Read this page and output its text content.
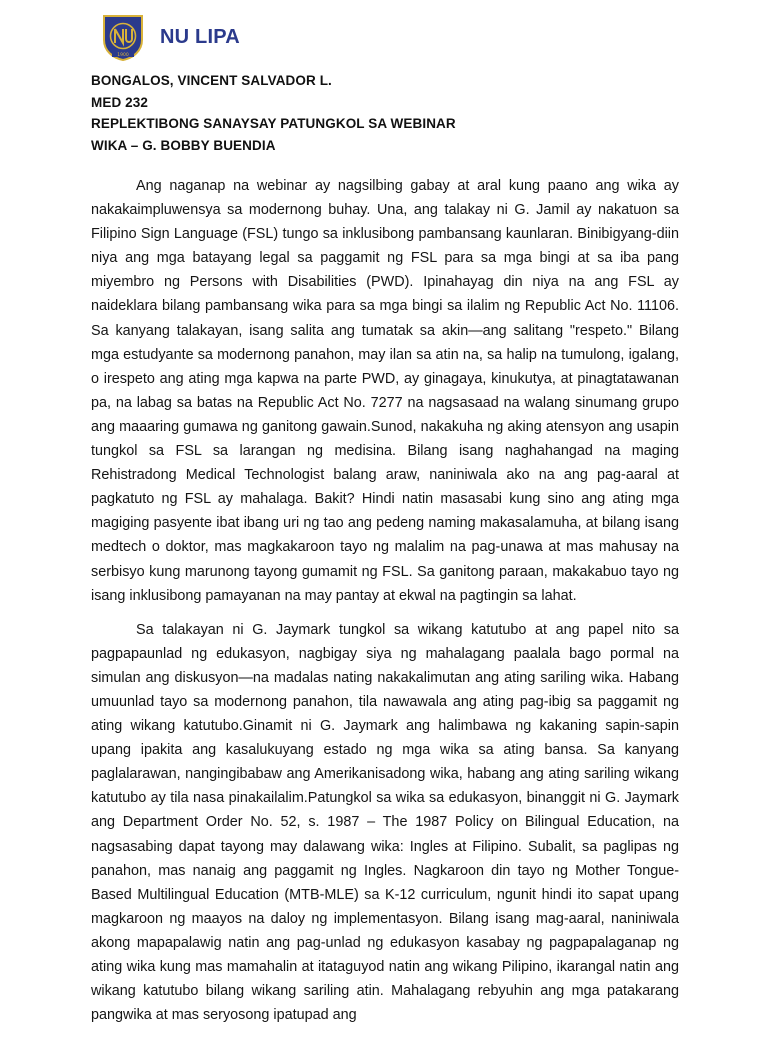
1900
NU LIPA
BONGALOS, VINCENT SALVADOR L.
MED 232
REPLEKTIBONG SANAYSAY PATUNGKOL SA WEBINAR
WIKA – G. BOBBY BUENDIA

Ang naganap na webinar ay nagsilbing gabay at aral kung paano ang wika ay nakakaimpluwensya sa modernong buhay. Una, ang talakay ni G. Jamil ay nakatuon sa Filipino Sign Language (FSL) tungo sa inklusibong pambansang kaunlaran. Binibigyang-diin niya ang mga batayang legal sa paggamit ng FSL para sa mga bingi at sa iba pang miyembro ng Persons with Disabilities (PWD). Ipinahayag din niya na ang FSL ay naideklara bilang pambansang wika para sa mga bingi sa ilalim ng Republic Act No. 11106. Sa kanyang talakayan, isang salita ang tumatak sa akin—ang salitang "respeto." Bilang mga estudyante sa modernong panahon, may ilan sa atin na, sa halip na tumulong, igalang, o irespeto ang ating mga kapwa na parte PWD, ay ginagaya, kinukutya, at pinagtatawanan pa, na labag sa batas na Republic Act No. 7277 na nagsasaad na walang sinumang grupo ang maaaring gumawa ng ganitong gawain.Sunod, nakakuha ng aking atensyon ang usapin tungkol sa FSL sa larangan ng medisina. Bilang isang naghahangad na maging Rehistradong Medical Technologist balang araw, naniniwala ako na ang pag-aaral at pagkatuto ng FSL ay mahalaga. Bakit? Hindi natin masasabi kung sino ang ating mga magiging pasyente ibat ibang uri ng tao ang pedeng naming makasalamuha, at bilang isang medtech o doktor, mas magkakaroon tayo ng malalim na pag-unawa at mas mahusay na serbisyo kung marunong tayong gumamit ng FSL. Sa ganitong paraan, makakabuo tayo ng isang inklusibong pamayanan na may pantay at ekwal na pagtingin sa lahat.

Sa talakayan ni G. Jaymark tungkol sa wikang katutubo at ang papel nito sa pagpapaunlad ng edukasyon, nagbigay siya ng mahalagang paalala bago pormal na simulan ang diskusyon—na madalas nating nakakalimutan ang ating sariling wika. Habang umuunlad tayo sa modernong panahon, tila nawawala ang ating pag-ibig sa paggamit ng ating wikang katutubo.Ginamit ni G. Jaymark ang halimbawa ng kakaning sapin-sapin upang ipakita ang kasalukuyang estado ng mga wika sa ating bansa. Sa kanyang paglalarawan, nangingibabaw ang Amerikanisadong wika, habang ang ating sariling wikang katutubo ay tila nasa pinakailalim.Patungkol sa wika sa edukasyon, binanggit ni G. Jaymark ang Department Order No. 52, s. 1987 – The 1987 Policy on Bilingual Education, na nagsasabing dapat tayong may dalawang wika: Ingles at Filipino. Subalit, sa paglipas ng panahon, mas nanaig ang paggamit ng Ingles. Nagkaroon din tayo ng Mother Tongue-Based Multilingual Education (MTB-MLE) sa K-12 curriculum, ngunit hindi ito sapat upang magkaroon ng maayos na daloy ng implementasyon. Bilang isang mag-aaral, naniniwala akong mapapalawig natin ang pag-unlad ng edukasyon kasabay ng pagpapalaganap ng ating wika kung mas mamahalin at itataguyod natin ang wikang Pilipino, ikarangal natin ang wikang katutubo bilang wikang sariling atin. Mahalagang rebyuhin ang mga patakarang pangwika at mas seryosong ipatupad ang
